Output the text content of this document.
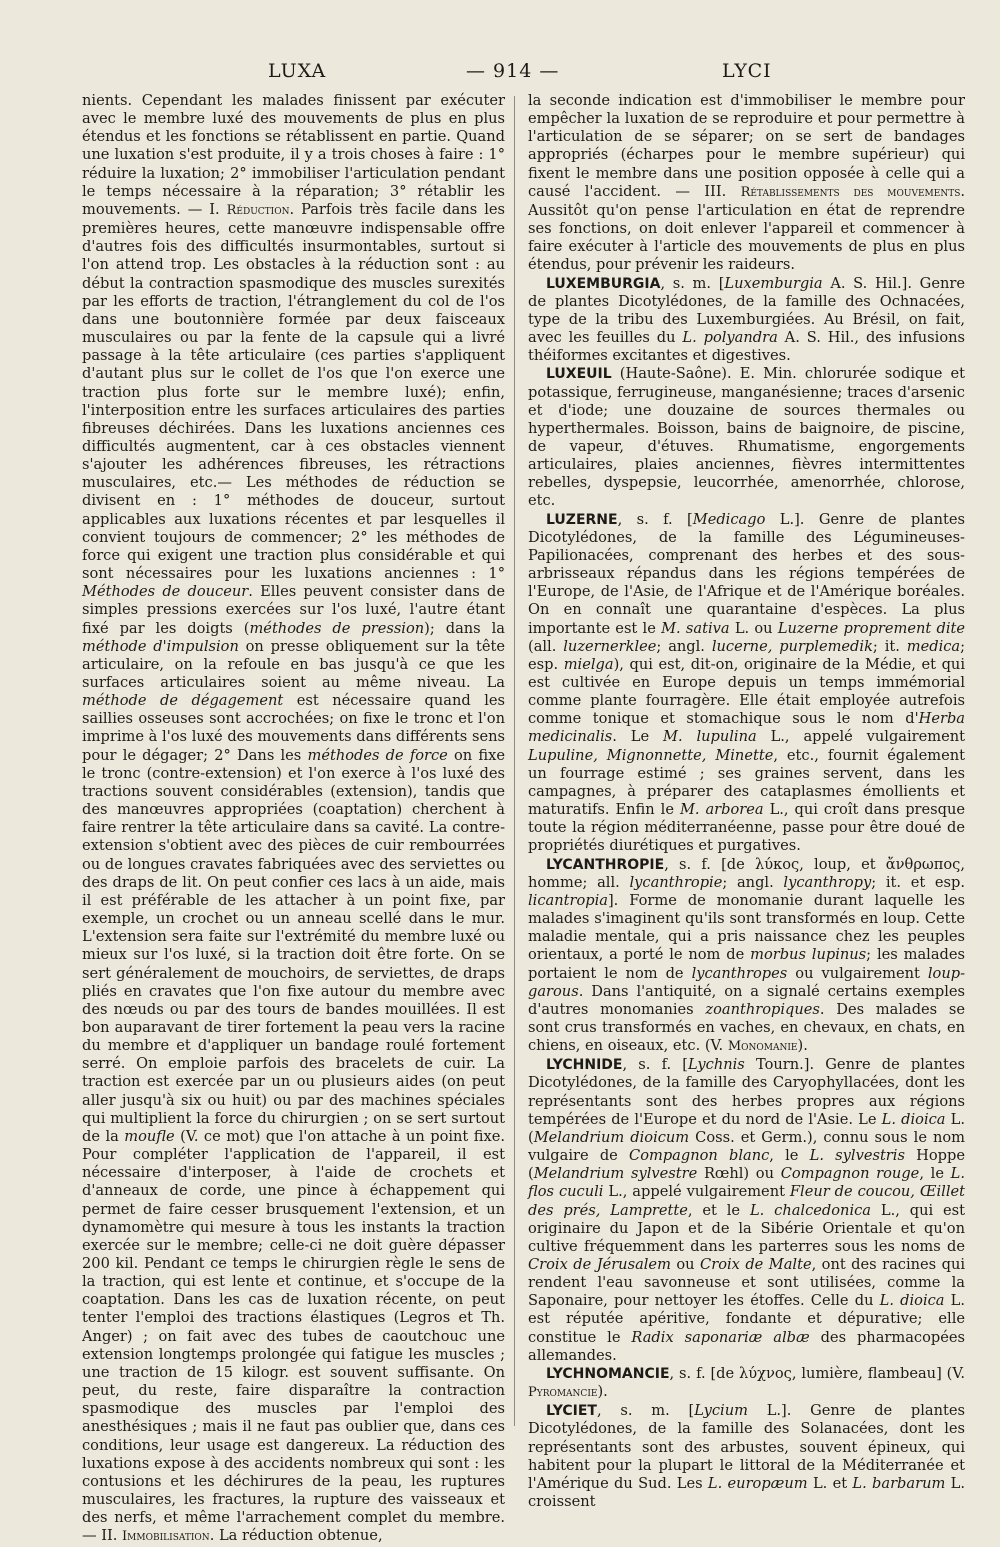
LUXA	— 914 —	LYCI

nients. Cependant les malades finissent par exécuter avec le membre luxé des mouvements de plus en plus étendus et les fonctions se rétablissent en partie. Quand une luxation s'est produite, il y a trois choses à faire : 1° réduire la luxation; 2° immobiliser l'articulation pendant le temps nécessaire à la réparation; 3° rétablir les mouvements. — I. Réduction. Parfois très facile dans les premières heures, cette manœuvre indispensable offre d'autres fois des difficultés insurmontables, surtout si l'on attend trop. Les obstacles à la réduction sont : au début la contraction spasmodique des muscles surexités par les efforts de traction, l'étranglement du col de l'os dans une boutonnière formée par deux faisceaux musculaires ou par la fente de la capsule qui a livré passage à la tête articulaire (ces parties s'appliquent d'autant plus sur le collet de l'os que l'on exerce une traction plus forte sur le membre luxé); enfin, l'interposition entre les surfaces articulaires des parties fibreuses déchirées. Dans les luxations anciennes ces difficultés augmentent, car à ces obstacles viennent s'ajouter les adhérences fibreuses, les rétractions musculaires, etc.— Les méthodes de réduction se divisent en : 1° méthodes de douceur, surtout applicables aux luxations récentes et par lesquelles il convient toujours de commencer; 2° les méthodes de force qui exigent une traction plus considérable et qui sont nécessaires pour les luxations anciennes : 1° Méthodes de douceur. Elles peuvent consister dans de simples pressions exercées sur l'os luxé, l'autre étant fixé par les doigts (méthodes de pression); dans la méthode d'impulsion on presse obliquement sur la tête articulaire, on la refoule en bas jusqu'à ce que les surfaces articulaires soient au même niveau. La méthode de dégagement est nécessaire quand les saillies osseuses sont accrochées; on fixe le tronc et l'on imprime à l'os luxé des mouvements dans différents sens pour le dégager; 2° Dans les méthodes de force on fixe le tronc (contre-extension) et l'on exerce à l'os luxé des tractions souvent considérables (extension), tandis que des manœuvres appropriées (coaptation) cherchent à faire rentrer la tête articulaire dans sa cavité. La contre-extension s'obtient avec des pièces de cuir rembourrées ou de longues cravates fabriquées avec des serviettes ou des draps de lit. On peut confier ces lacs à un aide, mais il est préférable de les attacher à un point fixe, par exemple, un crochet ou un anneau scellé dans le mur. L'extension sera faite sur l'extrémité du membre luxé ou mieux sur l'os luxé, si la traction doit être forte. On se sert généralement de mouchoirs, de serviettes, de draps pliés en cravates que l'on fixe autour du membre avec des nœuds ou par des tours de bandes mouillées. Il est bon auparavant de tirer fortement la peau vers la racine du membre et d'appliquer un bandage roulé fortement serré. On emploie parfois des bracelets de cuir. La traction est exercée par un ou plusieurs aides (on peut aller jusqu'à six ou huit) ou par des machines spéciales qui multiplient la force du chirurgien ; on se sert surtout de la moufle (V. ce mot) que l'on attache à un point fixe. Pour compléter l'application de l'appareil, il est nécessaire d'interposer, à l'aide de crochets et d'anneaux de corde, une pince à échappement qui permet de faire cesser brusquement l'extension, et un dynamomètre qui mesure à tous les instants la traction exercée sur le membre; celle-ci ne doit guère dépasser 200 kil. Pendant ce temps le chirurgien règle le sens de la traction, qui est lente et continue, et s'occupe de la coaptation. Dans les cas de luxation récente, on peut tenter l'emploi des tractions élastiques (Legros et Th. Anger) ; on fait avec des tubes de caoutchouc une extension longtemps prolongée qui fatigue les muscles ; une traction de 15 kilogr. est souvent suffisante. On peut, du reste, faire disparaître la contraction spasmodique des muscles par l'emploi des anesthésiques ; mais il ne faut pas oublier que, dans ces conditions, leur usage est dangereux. La réduction des luxations expose à des accidents nombreux qui sont : les contusions et les déchirures de la peau, les ruptures musculaires, les fractures, la rupture des vaisseaux et des nerfs, et même l'arrachement complet du membre. — II. Immobilisation. La réduction obtenue,

la seconde indication est d'immobiliser le membre pour empêcher la luxation de se reproduire et pour permettre à l'articulation de se séparer; on se sert de bandages appropriés (écharpes pour le membre supérieur) qui fixent le membre dans une position opposée à celle qui a causé l'accident. — III. Rétablissements des mouvements. Aussitôt qu'on pense l'articulation en état de reprendre ses fonctions, on doit enlever l'appareil et commencer à faire exécuter à l'article des mouvements de plus en plus étendus, pour prévenir les raideurs.

LUXEMBURGIA, s. m. [Luxemburgia A. S. Hil.]. Genre de plantes Dicotylédones, de la famille des Ochnacées, type de la tribu des Luxemburgiées. Au Brésil, on fait, avec les feuilles du L. polyandra A. S. Hil., des infusions théiformes excitantes et digestives.

LUXEUIL (Haute-Saône). E. Min. chlorurée sodique et potassique, ferrugineuse, manganésienne; traces d'arsenic et d'iode; une douzaine de sources thermales ou hyperthermales. Boisson, bains de baignoire, de piscine, de vapeur, d'étuves. Rhumatisme, engorgements articulaires, plaies anciennes, fièvres intermittentes rebelles, dyspepsie, leucorrhée, amenorrhée, chlorose, etc.

LUZERNE, s. f. [Medicago L.]. Genre de plantes Dicotylédones, de la famille des Légumineuses-Papilionacées, comprenant des herbes et des sous-arbrisseaux répandus dans les régions tempérées de l'Europe, de l'Asie, de l'Afrique et de l'Amérique boréales. On en connaît une quarantaine d'espèces. La plus importante est le M. sativa L. ou Luzerne proprement dite (all. luzernerklee; angl. lucerne, purplemedik; it. medica; esp. mielga), qui est, dit-on, originaire de la Médie, et qui est cultivée en Europe depuis un temps immémorial comme plante fourragère. Elle était employée autrefois comme tonique et stomachique sous le nom d'Herba medicinalis. Le M. lupulina L., appelé vulgairement Lupuline, Mignonnette, Minette, etc., fournit également un fourrage estimé ; ses graines servent, dans les campagnes, à préparer des cataplasmes émollients et maturatifs. Enfin le M. arborea L., qui croît dans presque toute la région méditerranéenne, passe pour être doué de propriétés diurétiques et purgatives.

LYCANTHROPIE, s. f. [de λύκος, loup, et ἄνθρωπος, homme; all. lycanthropie; angl. lycanthropy; it. et esp. licantropia]. Forme de monomanie durant laquelle les malades s'imaginent qu'ils sont transformés en loup. Cette maladie mentale, qui a pris naissance chez les peuples orientaux, a porté le nom de morbus lupinus; les malades portaient le nom de lycanthropes ou vulgairement loup-garous. Dans l'antiquité, on a signalé certains exemples d'autres monomanies zoanthropiques. Des malades se sont crus transformés en vaches, en chevaux, en chats, en chiens, en oiseaux, etc. (V. Monomanie).

LYCHNIDE, s. f. [Lychnis Tourn.]. Genre de plantes Dicotylédones, de la famille des Caryophyllacées, dont les représentants sont des herbes propres aux régions tempérées de l'Europe et du nord de l'Asie. Le L. dioica L. (Melandrium dioicum Coss. et Germ.), connu sous le nom vulgaire de Compagnon blanc, le L. sylvestris Hoppe (Melandrium sylvestre Rœhl) ou Compagnon rouge, le L. flos cuculi L., appelé vulgairement Fleur de coucou, Œillet des prés, Lamprette, et le L. chalcedonica L., qui est originaire du Japon et de la Sibérie Orientale et qu'on cultive fréquemment dans les parterres sous les noms de Croix de Jérusalem ou Croix de Malte, ont des racines qui rendent l'eau savonneuse et sont utilisées, comme la Saponaire, pour nettoyer les étoffes. Celle du L. dioica L. est réputée apéritive, fondante et dépurative; elle constitue le Radix saponariæ albæ des pharmacopées allemandes.

LYCHNOMANCIE, s. f. [de λύχνος, lumière, flambeau] (V. Pyromancie).

LYCIET, s. m. [Lycium L.]. Genre de plantes Dicotylédones, de la famille des Solanacées, dont les représentants sont des arbustes, souvent épineux, qui habitent pour la plupart le littoral de la Méditerranée et l'Amérique du Sud. Les L. europæum L. et L. barbarum L. croissent
